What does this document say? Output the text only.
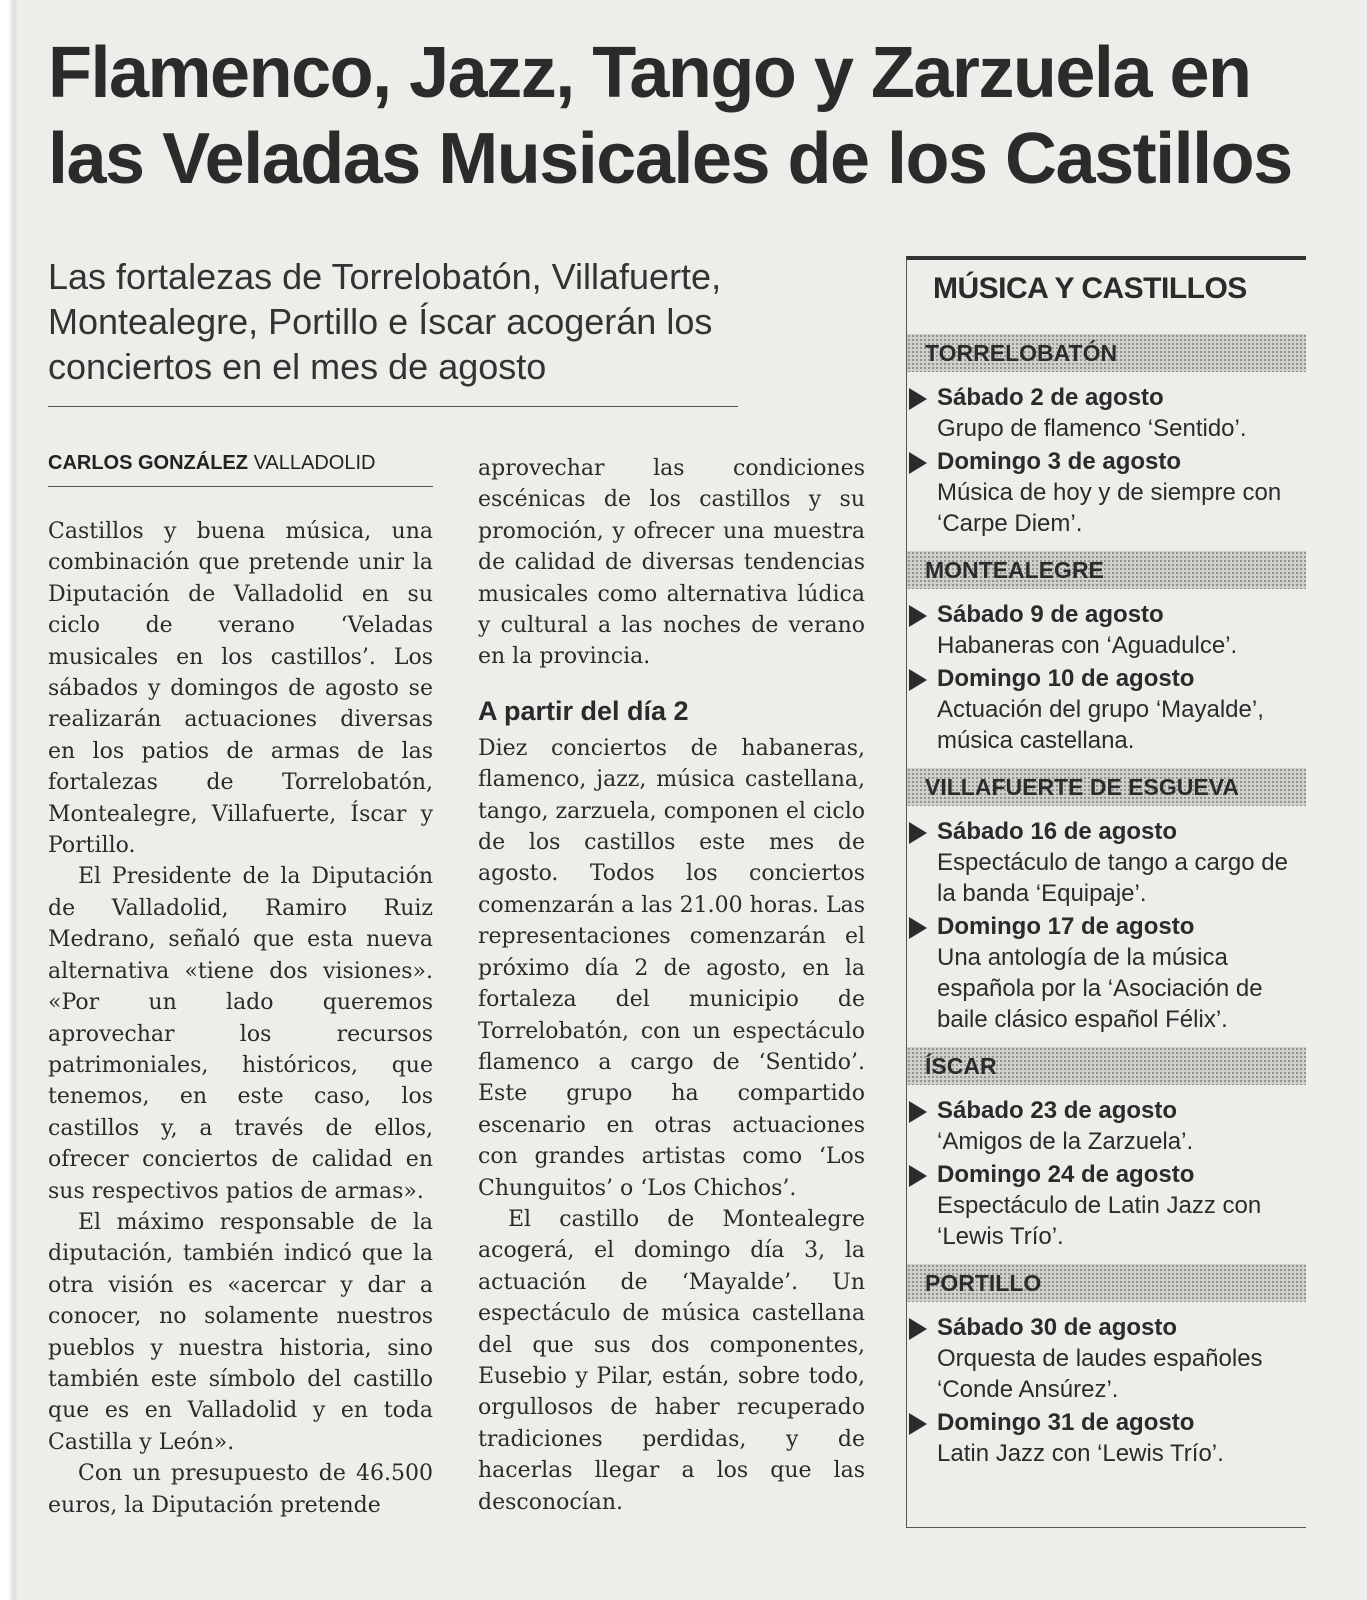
Flamenco, Jazz, Tango y Zarzuela en
las Veladas Musicales de los Castillos

Las fortalezas de Torrelobatón, Villafuerte,
Montealegre, Portillo e Íscar acogerán los
conciertos en el mes de agosto

CARLOS GONZÁLEZ VALLADOLID

Castillos y buena música, una combinación que pretende unir la Diputación de Valladolid en su ciclo de verano ‘Veladas musicales en los castillos’. Los sábados y domingos de agosto se realizarán actuaciones diversas en los patios de armas de las fortalezas de Torrelobatón, Montealegre, Villafuerte, Íscar y Portillo.

El Presidente de la Diputación de Valladolid, Ramiro Ruiz Medrano, señaló que esta nueva alternativa «tiene dos visiones». «Por un lado queremos aprovechar los recursos patrimoniales, históricos, que tenemos, en este caso, los castillos y, a través de ellos, ofrecer conciertos de calidad en sus respectivos patios de armas».

El máximo responsable de la diputación, también indicó que la otra visión es «acercar y dar a conocer, no solamente nuestros pueblos y nuestra historia, sino también este símbolo del castillo que es en Valladolid y en toda Castilla y León».

Con un presupuesto de 46.500 euros, la Diputación pretende

aprovechar las condiciones escénicas de los castillos y su promoción, y ofrecer una muestra de calidad de diversas tendencias musicales como alternativa lúdica y cultural a las noches de verano en la provincia.

A partir del día 2

Diez conciertos de habaneras, flamenco, jazz, música castellana, tango, zarzuela, componen el ciclo de los castillos este mes de agosto. Todos los conciertos comenzarán a las 21.00 horas. Las representaciones comenzarán el próximo día 2 de agosto, en la fortaleza del municipio de Torrelobatón, con un espectáculo flamenco a cargo de ‘Sentido’. Este grupo ha compartido escenario en otras actuaciones con grandes artistas como ‘Los Chunguitos’ o ‘Los Chichos’.

El castillo de Montealegre acogerá, el domingo día 3, la actuación de ‘Mayalde’. Un espectáculo de música castellana del que sus dos componentes, Eusebio y Pilar, están, sobre todo, orgullosos de haber recuperado tradiciones perdidas, y de hacerlas llegar a los que las desconocían.

MÚSICA Y CASTILLOS
TORRELOBATÓN
Sábado 2 de agosto
Grupo de flamenco ‘Sentido’.
Domingo 3 de agosto
Música de hoy y de siempre con ‘Carpe Diem’.
MONTEALEGRE
Sábado 9 de agosto
Habaneras con ‘Aguadulce’.
Domingo 10 de agosto
Actuación del grupo ‘Mayalde’, música castellana.
VILLAFUERTE DE ESGUEVA
Sábado 16 de agosto
Espectáculo de tango a cargo de la banda ‘Equipaje’.
Domingo 17 de agosto
Una antología de la música española por la ‘Asociación de baile clásico español Félix’.
ÍSCAR
Sábado 23 de agosto
‘Amigos de la Zarzuela’.
Domingo 24 de agosto
Espectáculo de Latin Jazz con ‘Lewis Trío’.
PORTILLO
Sábado 30 de agosto
Orquesta de laudes españoles ‘Conde Ansúrez’.
Domingo 31 de agosto
Latin Jazz con ‘Lewis Trío’.
